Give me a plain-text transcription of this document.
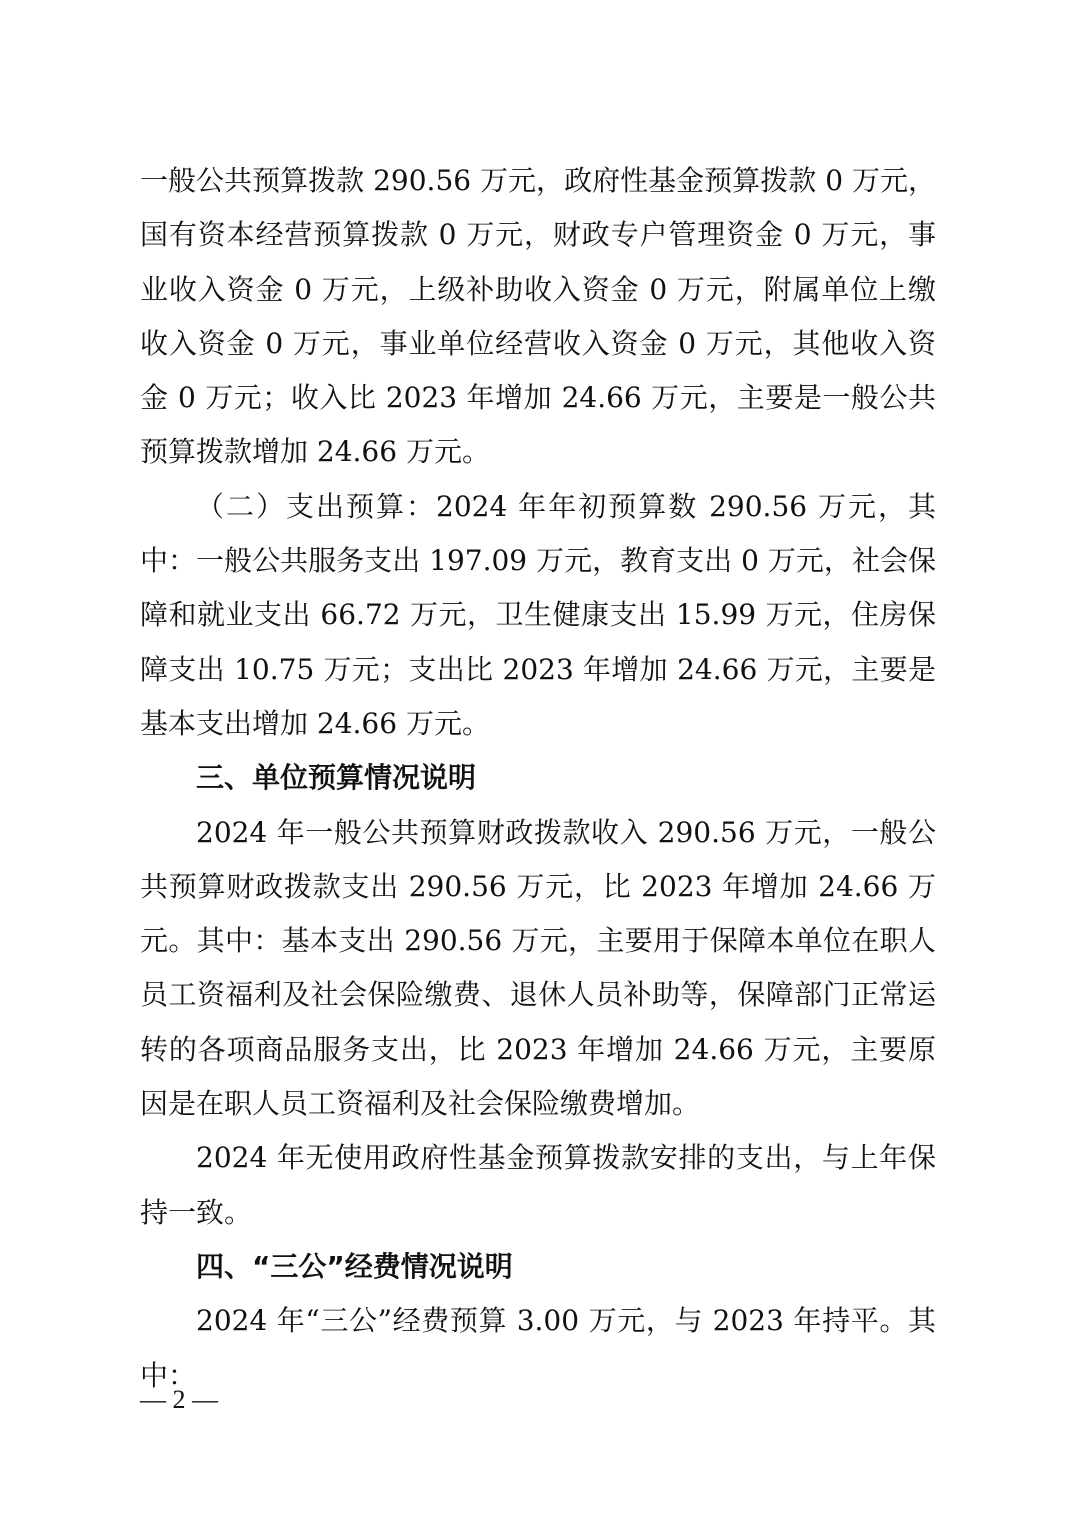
一般公共预算拨款 290.56 万元，政府性基金预算拨款 0 万元，国有资本经营预算拨款 0 万元，财政专户管理资金 0 万元，事业收入资金 0 万元，上级补助收入资金 0 万元，附属单位上缴收入资金 0 万元，事业单位经营收入资金 0 万元，其他收入资金 0 万元；收入比 2023 年增加 24.66 万元，主要是一般公共预算拨款增加 24.66 万元。

（二）支出预算：2024 年年初预算数 290.56 万元，其中：一般公共服务支出 197.09 万元，教育支出 0 万元，社会保障和就业支出 66.72 万元，卫生健康支出 15.99 万元，住房保障支出 10.75 万元；支出比 2023 年增加 24.66 万元，主要是基本支出增加 24.66 万元。

三、单位预算情况说明

2024 年一般公共预算财政拨款收入 290.56 万元，一般公共预算财政拨款支出 290.56 万元，比 2023 年增加 24.66 万元。其中：基本支出 290.56 万元，主要用于保障本单位在职人员工资福利及社会保险缴费、退休人员补助等，保障部门正常运转的各项商品服务支出，比 2023 年增加 24.66 万元，主要原因是在职人员工资福利及社会保险缴费增加。

2024 年无使用政府性基金预算拨款安排的支出，与上年保持一致。

四、“三公”经费情况说明

2024 年“三公”经费预算 3.00 万元，与 2023 年持平。其中：

— 2 —
